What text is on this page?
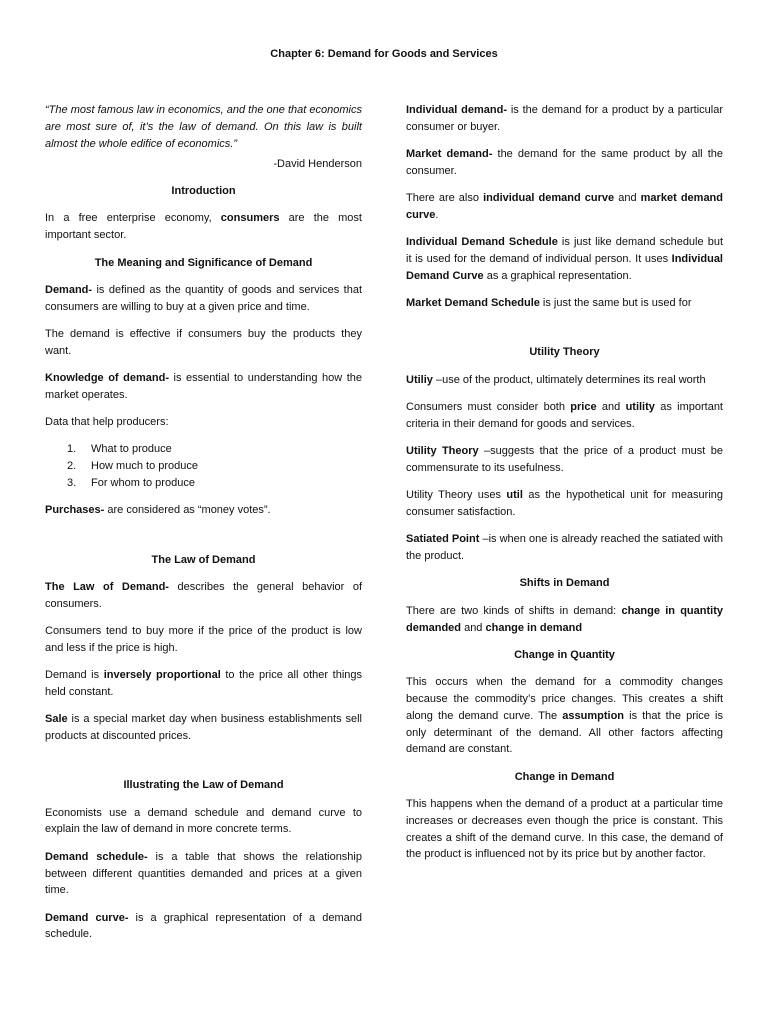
Chapter 6: Demand for Goods and Services

“The most famous law in economics, and the one that economics are most sure of, it’s the law of demand. On this law is built almost the whole edifice of economics.”

-David Henderson

Introduction

In a free enterprise economy, consumers are the most important sector.

The Meaning and Significance of Demand

Demand- is defined as the quantity of goods and services that consumers are willing to buy at a given price and time.

The demand is effective if consumers buy the products they want.

Knowledge of demand- is essential to understanding how the market operates.

Data that help producers:

1.	What to produce
2.	How much to produce
3.	For whom to produce

Purchases- are considered as “money votes”.

The Law of Demand

The Law of Demand- describes the general behavior of consumers.

Consumers tend to buy more if the price of the product is low and less if the price is high.

Demand is inversely proportional to the price all other things held constant.

Sale is a special market day when business establishments sell products at discounted prices.

Illustrating the Law of Demand

Economists use a demand schedule and demand curve to explain the law of demand in more concrete terms.

Demand schedule- is a table that shows the relationship between different quantities demanded and prices at a given time.

Demand curve- is a graphical representation of a demand schedule.

Individual demand- is the demand for a product by a particular consumer or buyer.

Market demand- the demand for the same product by all the consumer.

There are also individual demand curve and market demand curve.

Individual Demand Schedule is just like demand schedule but it is used for the demand of individual person. It uses Individual Demand Curve as a graphical representation.

Market Demand Schedule is just the same but is used for

Utility Theory

Utiliy –use of the product, ultimately determines its real worth

Consumers must consider both price and utility as important criteria in their demand for goods and services.

Utility Theory –suggests that the price of a product must be commensurate to its usefulness.

Utility Theory uses util as the hypothetical unit for measuring consumer satisfaction.

Satiated Point –is when one is already reached the satiated with the product.

Shifts in Demand

There are two kinds of shifts in demand: change in quantity demanded and change in demand

Change in Quantity

This occurs when the demand for a commodity changes because the commodity’s price changes. This creates a shift along the demand curve. The assumption is that the price is only determinant of the demand. All other factors affecting demand are constant.

Change in Demand

This happens when the demand of a product at a particular time increases or decreases even though the price is constant. This creates a shift of the demand curve. In this case, the demand of the product is influenced not by its price but by another factor.
